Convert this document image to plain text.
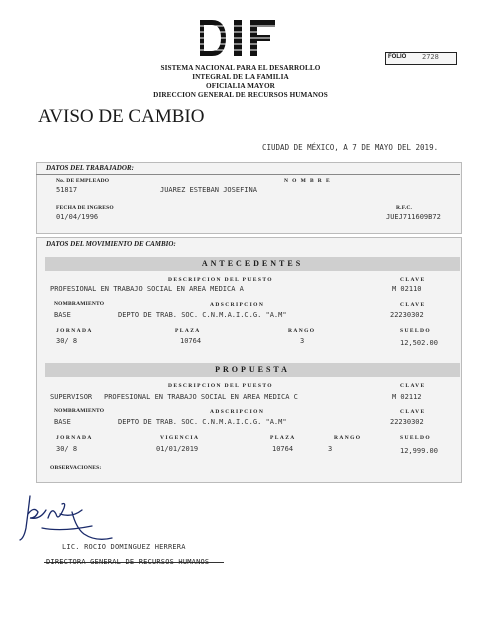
SISTEMA NACIONAL PARA EL DESARROLLO
INTEGRAL DE LA FAMILIA
OFICIALIA MAYOR
DIRECCION GENERAL DE RECURSOS HUMANOS
FOLIO 2728
AVISO DE CAMBIO
CIUDAD DE MÉXICO, A 7 DE MAYO DEL 2019.
DATOS DEL TRABAJADOR:
No. DE EMPLEADO
51817
N O M B R E
JUAREZ ESTEBAN JOSEFINA
FECHA DE INGRESO
01/04/1996
R.F.C.
JUEJ711609B72
DATOS DEL MOVIMIENTO DE CAMBIO:
ANTECEDENTES
DESCRIPCION DEL PUESTO	CLAVE
PROFESIONAL EN TRABAJO SOCIAL EN AREA MEDICA A	M 02110
NOMBRAMIENTO	ADSCRIPCION	CLAVE
BASE	DEPTO DE TRAB. SOC. C.N.M.A.I.C.G. "A.M"	22230302
JORNADA	PLAZA	RANGO	SUELDO
30/ 8	10764	3	12,502.00
PROPUESTA
DESCRIPCION DEL PUESTO	CLAVE
SUPERVISOR PROFESIONAL EN TRABAJO SOCIAL EN AREA MEDICA C	M 02112
NOMBRAMIENTO	ADSCRIPCION	CLAVE
BASE	DEPTO DE TRAB. SOC. C.N.M.A.I.C.G. "A.M"	22230302
JORNADA	VIGENCIA	PLAZA	RANGO	SUELDO
30/ 8	01/01/2019	10764	3	12,999.00
OBSERVACIONES:
LIC. ROCIO DOMINGUEZ HERRERA
DIRECTORA GENERAL DE RECURSOS HUMANOS
